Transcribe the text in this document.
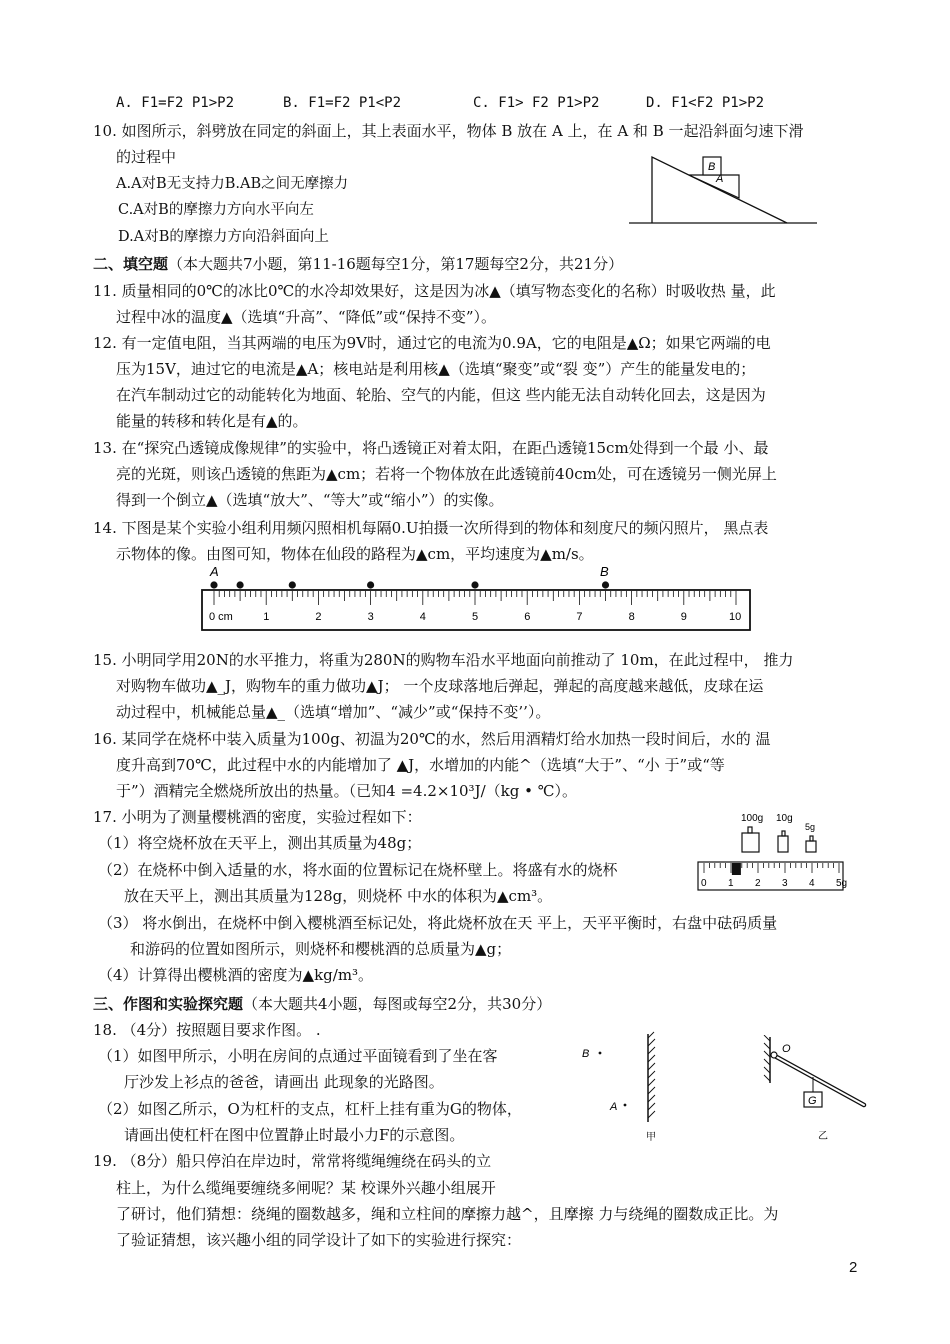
A. F1=F2 P1>P2	B. F1=F2 P1<P2	C. F1> F2 P1>P2	D. F1<F2 P1>P2
10. 如图所示，斜劈放在同定的斜面上，其上表面水平，物体 B 放在 A 上，在 A 和 B 一起沿斜面匀速下滑
的过程中
A.A对B无支持力B.AB之间无摩擦力
C.A对B的摩擦力方向水平向左
D.A对B的摩擦力方向沿斜面向上
B
A
二、填空题（本大题共7小题，第11-16题每空1分，第17题每空2分，共21分）
11. 质量相同的0℃的冰比0℃的水冷却效果好，这是因为冰▲（填写物态变化的名称）时吸收热 量，此
过程中冰的温度▲（选填“升高”、“降低”或“保持不变”）。
12. 有一定值电阻，当其两端的电压为9V时，通过它的电流为0.9A，它的电阻是▲Ω；如果它两端的电
压为15V，迪过它的电流是▲A；核电站是利用核▲（选填“聚变”或“裂 变”）产生的能量发电的；
在汽车制动过它的动能转化为地面、轮胎、空气的内能，但这 些内能无法自动转化回去，这是因为
能量的转移和转化是有▲的。
13. 在“探究凸透镜成像规律”的实验中，将凸透镜正对着太阳，在距凸透镜15cm处得到一个最 小、最
亮的光斑，则该凸透镜的焦距为▲cm；若将一个物体放在此透镜前40cm处，可在透镜另一侧光屏上
得到一个倒立▲（选填“放大”、“等大”或“缩小”）的实像。
14. 下图是某个实验小组利用频闪照相机每隔0.U拍摄一次所得到的物体和刻度尺的频闪照片， 黑点表
示物体的像。由图可知，物体在仙段的路程为▲cm，平均速度为▲m/s。
A	B
0 cm	1	2	3	4	5	6	7	8	9	10
15. 小明同学用20N的水平推力，将重为280N的购物车沿水平地面向前推动了 10m，在此过程中， 推力
对购物车做功▲_J，购物车的重力做功▲J； 一个皮球落地后弹起，弹起的高度越来越低，皮球在运
动过程中，机械能总量▲_（选填“增加”、“减少”或“保持不变’’）。
16. 某同学在烧杯中装入质量为100g、初温为20℃的水，然后用酒精灯给水加热一段时间后，水的 温
度升高到70℃，此过程中水的内能增加了 ▲J，水增加的内能^（选填“大于”、“小 于”或“等
于”）酒精完全燃烧所放出的热量。（已知4 =4.2×10³J/（kg • ℃）。
17. 小明为了测量樱桃酒的密度，实验过程如下：
（1）将空烧杯放在天平上，测出其质量为48g；
（2）在烧杯中倒入适量的水，将水面的位置标记在烧杯壁上。将盛有水的烧杯
放在天平上，测出其质量为128g，则烧杯 中水的体积为▲cm³。
（3） 将水倒出，在烧杯中倒入樱桃酒至标记处，将此烧杯放在天 平上，天平平衡时，右盘中砝码质量
和游码的位置如图所示，则烧杯和樱桃酒的总质量为▲g；
（4）计算得出樱桃酒的密度为▲kg/m³。
100g 10g
5g
0 1 2 3 4 5g
三、作图和实验探究题（本大题共4小题，每图或每空2分，共30分）
18. （4分）按照题目要求作图。 .
（1）如图甲所示，小明在房间的点通过平面镜看到了坐在客
厅沙发上衫点的爸爸，请画出 此现象的光路图。
（2）如图乙所示，O为杠杆的支点，杠杆上挂有重为G的物体，
请画出使杠杆在图中位置静止时最小力F的示意图。
B
A
甲
O
G
乙
19. （8分）船只停泊在岸边时，常常将缆绳缠绕在码头的立
柱上，为什么缆绳要缠绕多闸呢？某 校课外兴趣小组展开
了研讨，他们猜想：绕绳的圈数越多，绳和立柱间的摩擦力越^，且摩擦 力与绕绳的圈数成正比。为
了验证猜想，该兴趣小组的同学设计了如下的实验进行探究：
2
